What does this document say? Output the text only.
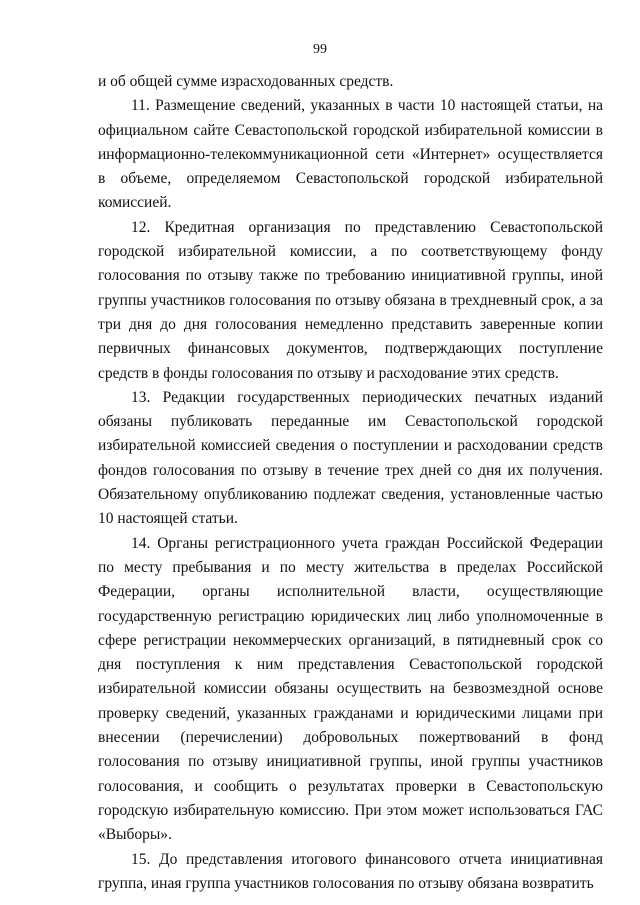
99

и об общей сумме израсходованных средств.

11. Размещение сведений, указанных в части 10 настоящей статьи, на официальном сайте Севастопольской городской избирательной комиссии в информационно-телекоммуникационной сети «Интернет» осуществляется в объеме, определяемом Севастопольской городской избирательной комиссией.

12. Кредитная организация по представлению Севастопольской городской избирательной комиссии, а по соответствующему фонду голосования по отзыву также по требованию инициативной группы, иной группы участников голосования по отзыву обязана в трехдневный срок, а за три дня до дня голосования немедленно представить заверенные копии первичных финансовых документов, подтверждающих поступление средств в фонды голосования по отзыву и расходование этих средств.

13. Редакции государственных периодических печатных изданий обязаны публиковать переданные им Севастопольской городской избирательной комиссией сведения о поступлении и расходовании средств фондов голосования по отзыву в течение трех дней со дня их получения. Обязательному опубликованию подлежат сведения, установленные частью 10 настоящей статьи.

14. Органы регистрационного учета граждан Российской Федерации по месту пребывания и по месту жительства в пределах Российской Федерации, органы исполнительной власти, осуществляющие государственную регистрацию юридических лиц либо уполномоченные в сфере регистрации некоммерческих организаций, в пятидневный срок со дня поступления к ним представления Севастопольской городской избирательной комиссии обязаны осуществить на безвозмездной основе проверку сведений, указанных гражданами и юридическими лицами при внесении (перечислении) добровольных пожертвований в фонд голосования по отзыву инициативной группы, иной группы участников голосования, и сообщить о результатах проверки в Севастопольскую городскую избирательную комиссию. При этом может использоваться ГАС «Выборы».

15. До представления итогового финансового отчета инициативная группа, иная группа участников голосования по отзыву обязана возвратить
